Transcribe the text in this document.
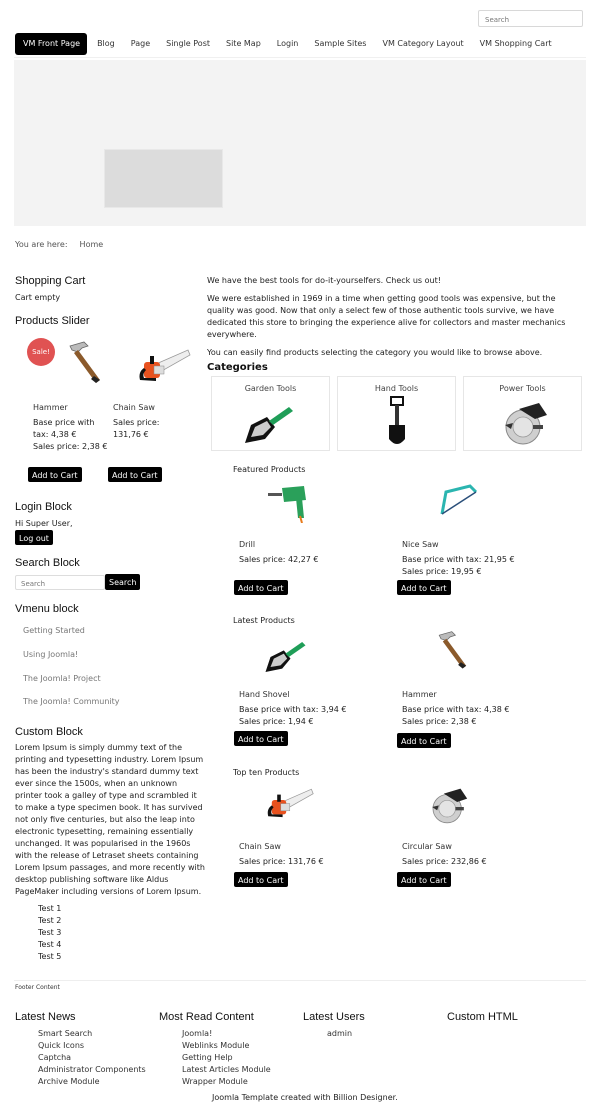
Search
VM Front Page	Blog	Page	Single Post	Site Map	Login	Sample Sites	VM Category Layout	VM Shopping Cart
You are here: Home
Shopping Cart
Cart empty
Products Slider
Sale!
Hammer
Base price with
tax: 4,38 €
Sales price: 2,38 €
Add to Cart
Chain Saw
Sales price:
131,76 €
Add to Cart
Login Block
Hi Super User,
Log out
Search Block
Search	Search
Vmenu block
Getting Started
Using Joomla!
The Joomla! Project
The Joomla! Community
Custom Block
Lorem Ipsum is simply dummy text of the printing and typesetting industry. Lorem Ipsum has been the industry's standard dummy text ever since the 1500s, when an unknown printer took a galley of type and scrambled it to make a type specimen book. It has survived not only five centuries, but also the leap into electronic typesetting, remaining essentially unchanged. It was popularised in the 1960s with the release of Letraset sheets containing Lorem Ipsum passages, and more recently with desktop publishing software like Aldus PageMaker including versions of Lorem Ipsum.
Test 1
Test 2
Test 3
Test 4
Test 5

We have the best tools for do-it-yourselfers. Check us out!

We were established in 1969 in a time when getting good tools was expensive, but the quality was good. Now that only a select few of those authentic tools survive, we have dedicated this store to bringing the experience alive for collectors and master mechanics everywhere.

You can easily find products selecting the category you would like to browse above.

Categories
Garden Tools	Hand Tools	Power Tools
Featured Products
Drill
Sales price: 42,27 €
Add to Cart
Nice Saw
Base price with tax: 21,95 €
Sales price: 19,95 €
Add to Cart
Latest Products
Hand Shovel
Base price with tax: 3,94 €
Sales price: 1,94 €
Add to Cart
Hammer
Base price with tax: 4,38 €
Sales price: 2,38 €
Add to Cart
Top ten Products
Chain Saw
Sales price: 131,76 €
Add to Cart
Circular Saw
Sales price: 232,86 €
Add to Cart
Footer Content
Latest News
Smart Search
Quick Icons
Captcha
Administrator Components
Archive Module
Most Read Content
Joomla!
Weblinks Module
Getting Help
Latest Articles Module
Wrapper Module
Latest Users
admin
Custom HTML
Joomla Template created with Billion Designer.
